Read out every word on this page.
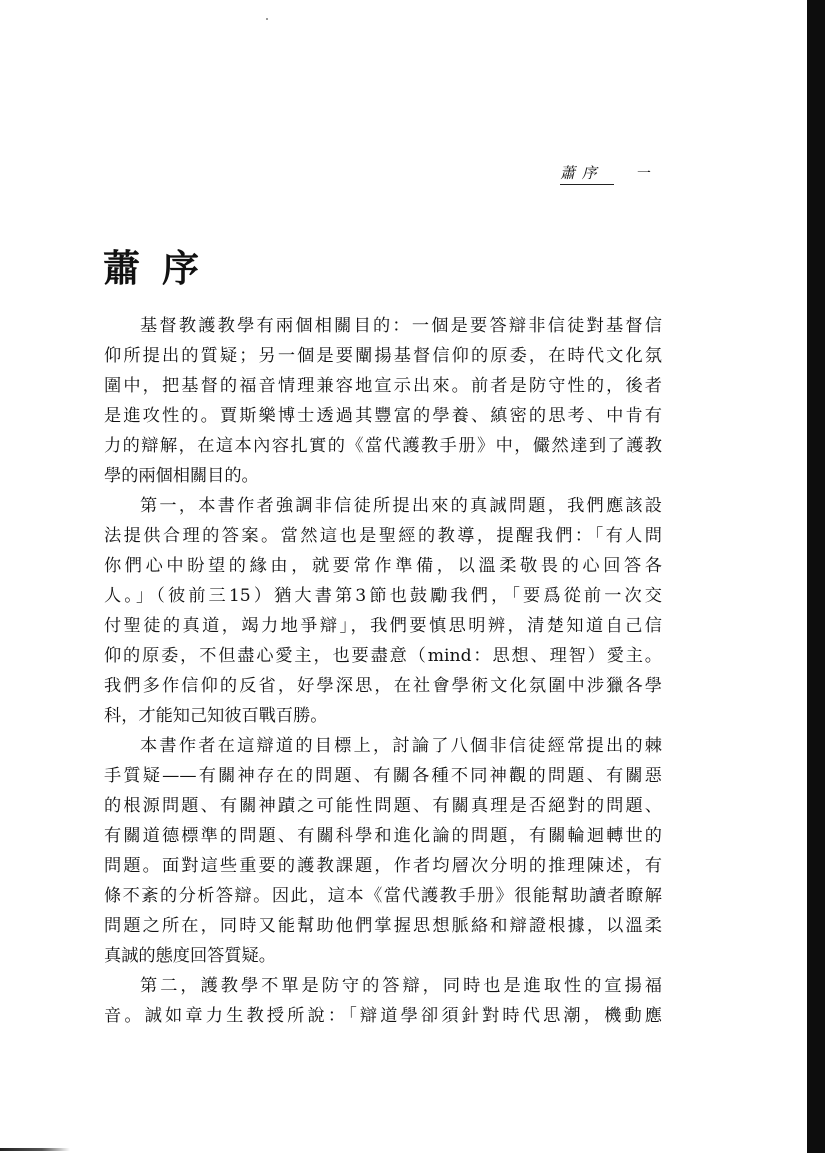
蕭 序	一
蕭序

基督教護教學有兩個相關目的：一個是要答辯非信徒對基督信
仰所提出的質疑；另一個是要闡揚基督信仰的原委，在時代文化氛
圍中，把基督的福音情理兼容地宣示出來。前者是防守性的，後者
是進攻性的。賈斯樂博士透過其豐富的學養、縝密的思考、中肯有
力的辯解，在這本內容扎實的《當代護教手册》中，儼然達到了護教
學的兩個相關目的。

第一，本書作者強調非信徒所提出來的真誠問題，我們應該設
法提供合理的答案。當然這也是聖經的教導，提醒我們：「有人問
你們心中盼望的緣由，就要常作準備，以溫柔敬畏的心回答各
人。」（彼前三15）猶大書第3節也鼓勵我們，「要爲從前一次交
付聖徒的真道，竭力地爭辯」，我們要慎思明辨，清楚知道自己信
仰的原委，不但盡心愛主，也要盡意（mind：思想、理智）愛主。
我們多作信仰的反省，好學深思，在社會學術文化氛圍中涉獵各學
科，才能知己知彼百戰百勝。

本書作者在這辯道的目標上，討論了八個非信徒經常提出的棘
手質疑——有關神存在的問題、有關各種不同神觀的問題、有關惡
的根源問題、有關神蹟之可能性問題、有關真理是否絕對的問題、
有關道德標準的問題、有關科學和進化論的問題，有關輪迴轉世的
問題。面對這些重要的護教課題，作者均層次分明的推理陳述，有
條不紊的分析答辯。因此，這本《當代護教手册》很能幫助讀者瞭解
問題之所在，同時又能幫助他們掌握思想脈絡和辯證根據，以溫柔
真誠的態度回答質疑。

第二，護教學不單是防守的答辯，同時也是進取性的宣揚福
音。誠如章力生教授所說：「辯道學卻須針對時代思潮，機動應
